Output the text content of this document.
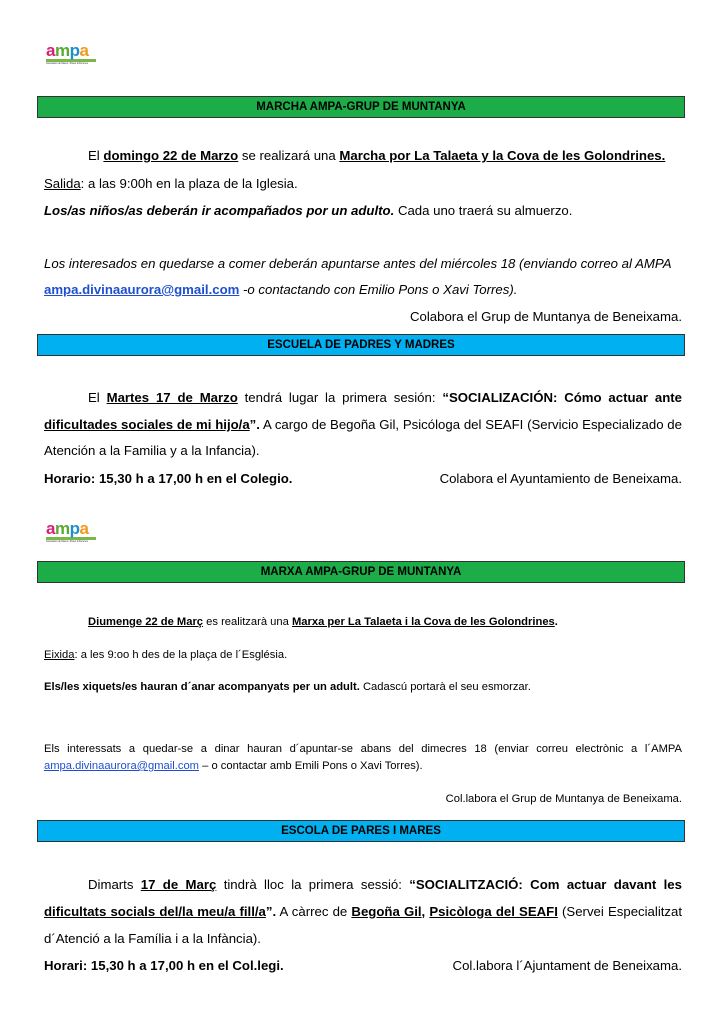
ampa
Associació de Mares i Pares d'Alumnes
MARCHA AMPA-GRUP DE MUNTANYA
El domingo 22 de Marzo se realizará una Marcha por La Talaeta y la Cova de les Golondrines.
Salida: a las 9:00h en la plaza de la Iglesia.
Los/as niños/as deberán ir acompañados por un adulto. Cada uno traerá su almuerzo.
Los interesados en quedarse a comer deberán apuntarse antes del miércoles 18 (enviando correo al AMPA
ampa.divinaaurora@gmail.com -o contactando con Emilio Pons o Xavi Torres).
Colabora el Grup de Muntanya de Beneixama.
ESCUELA DE PADRES Y MADRES
El Martes 17 de Marzo tendrá lugar la primera sesión: “SOCIALIZACIÓN: Cómo actuar ante
dificultades sociales de mi hijo/a”. A cargo de Begoña Gil, Psicóloga del SEAFI (Servicio Especializado de
Atención a la Familia y a la Infancia).
Horario: 15,30 h a 17,00 h en el Colegio.	Colabora el Ayuntamiento de Beneixama.
ampa
Associació de Mares i Pares d'Alumnes
MARXA AMPA-GRUP DE MUNTANYA
Diumenge 22 de Març es realitzarà una Marxa per La Talaeta i la Cova de les Golondrines.
Eixida: a les 9:oo h des de la plaça de l´Església.
Els/les xiquets/es hauran d´anar acompanyats per un adult. Cadascú portarà el seu esmorzar.
Els interessats a quedar-se a dinar hauran d´apuntar-se abans del dimecres 18 (enviar correu electrònic a l´AMPA
ampa.divinaaurora@gmail.com – o contactar amb Emili Pons o Xavi Torres).
Col.labora el Grup de Muntanya de Beneixama.
ESCOLA DE PARES I MARES
Dimarts 17 de Març tindrà lloc la primera sessió: “SOCIALITZACIÓ: Com actuar davant les
dificultats socials del/la meu/a fill/a”. A càrrec de Begoña Gil, Psicòloga del SEAFI (Servei Especialitzat
d´Atenció a la Família i a la Infància).
Horari: 15,30 h a 17,00 h en el Col.legi.	Col.labora l´Ajuntament de Beneixama.
